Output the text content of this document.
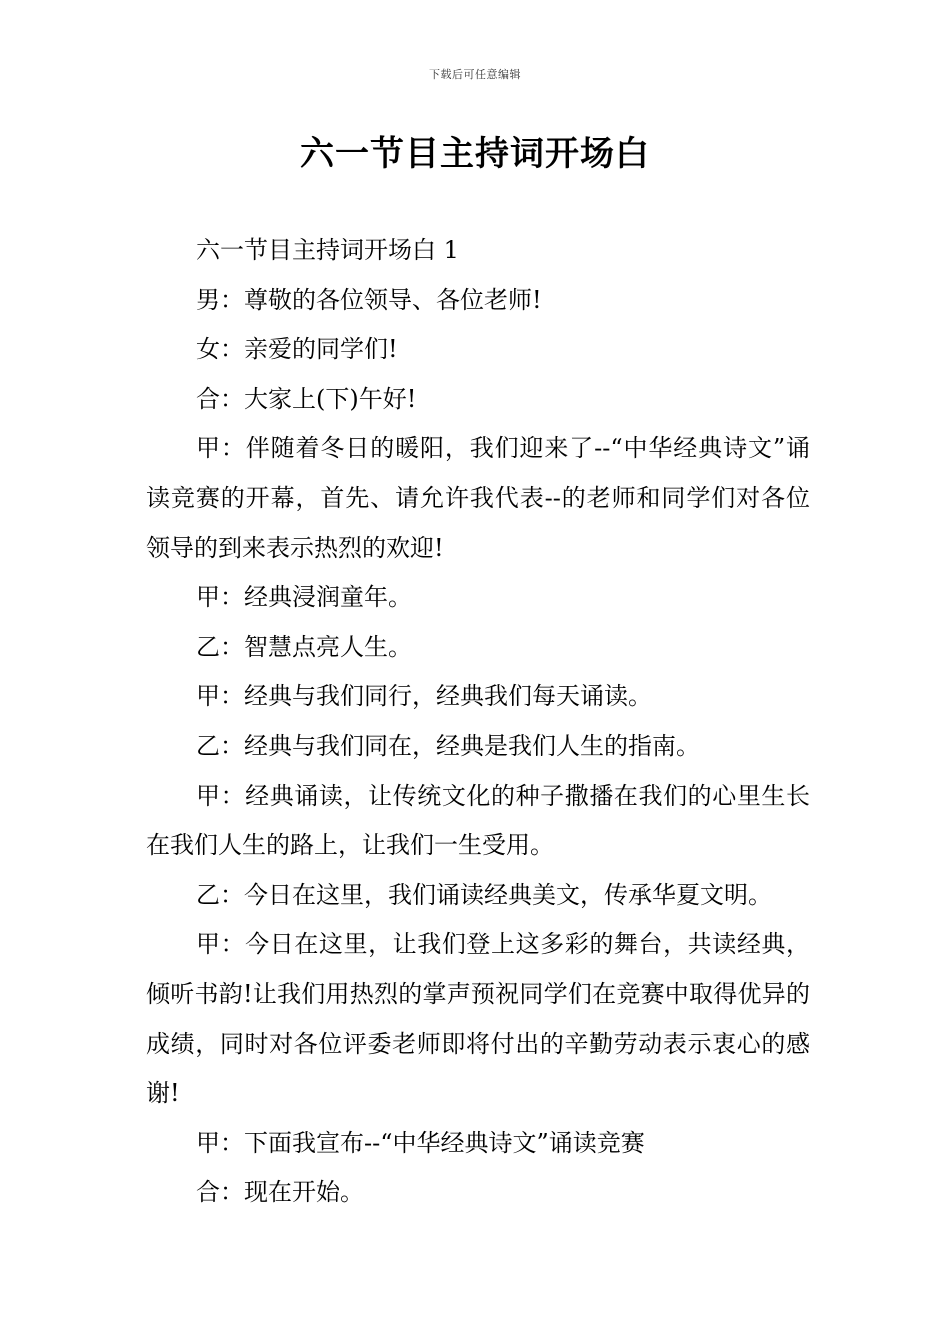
下载后可任意编辑
六一节目主持词开场白

六一节目主持词开场白 1

男：尊敬的各位领导、各位老师!

女：亲爱的同学们!

合：大家上(下)午好!

甲：伴随着冬日的暖阳，我们迎来了--“中华经典诗文”诵读竞赛的开幕，首先、请允许我代表--的老师和同学们对各位领导的到来表示热烈的欢迎!

甲：经典浸润童年。

乙：智慧点亮人生。

甲：经典与我们同行，经典我们每天诵读。

乙：经典与我们同在，经典是我们人生的指南。

甲：经典诵读，让传统文化的种子撒播在我们的心里生长在我们人生的路上，让我们一生受用。

乙：今日在这里，我们诵读经典美文，传承华夏文明。

甲：今日在这里，让我们登上这多彩的舞台，共读经典，倾听书韵!让我们用热烈的掌声预祝同学们在竞赛中取得优异的成绩，同时对各位评委老师即将付出的辛勤劳动表示衷心的感谢!

甲：下面我宣布--“中华经典诗文”诵读竞赛

合：现在开始。
